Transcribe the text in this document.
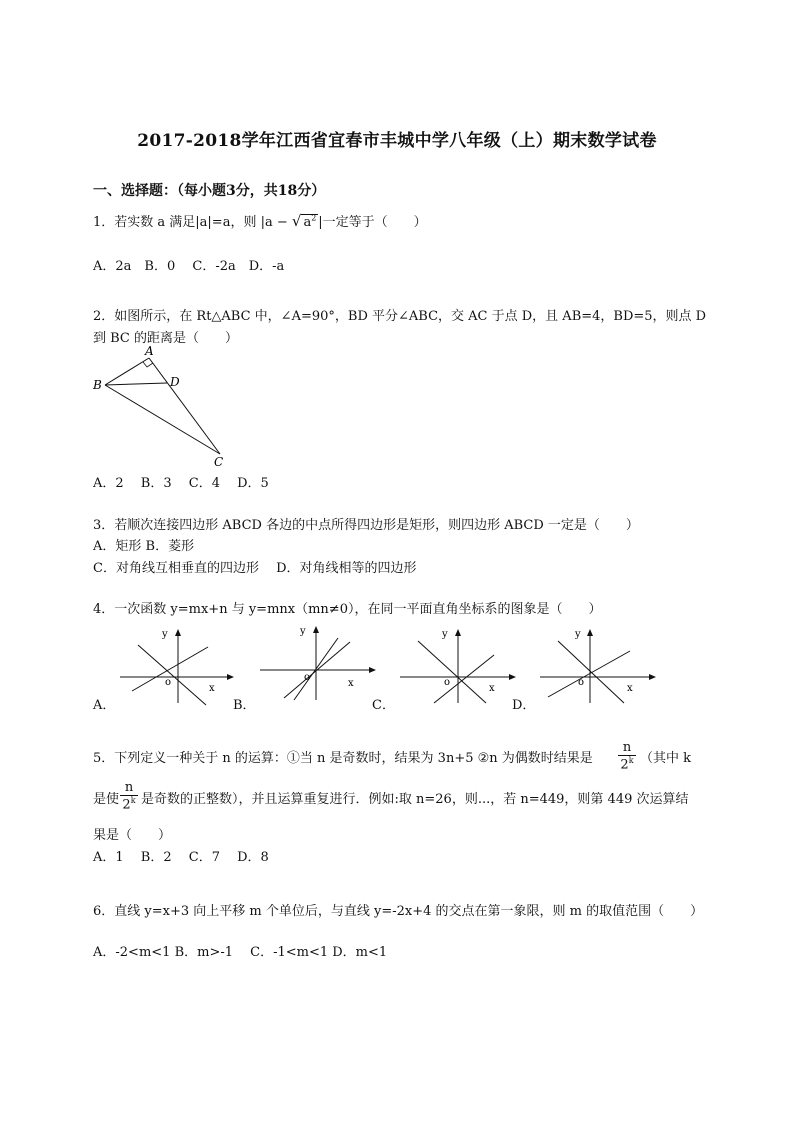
2017-2018学年江西省宜春市丰城中学八年级（上）期末数学试卷
一、选择题：（每小题3分，共18分）
1．若实数 a 满足|a|=a，则 |a − √ $a^2$ |一定等于（　　）
A．2a　B．0　 C．-2a　D．-a
2．如图所示，在 Rt△ABC 中，∠A=90°，BD 平分∠ABC，交 AC 于点 D，且 AB=4，BD=5，则点 D
到 BC 的距离是（　　）
A
B	D
C
A．2　 B．3　 C．4　 D．5
3．若顺次连接四边形 ABCD 各边的中点所得四边形是矩形，则四边形 ABCD 一定是（　　）
A．矩形 B．菱形
C．对角线互相垂直的四边形　 D．对角线相等的四边形
4．一次函数 y=mx+n 与 y=mnx（mn≠0），在同一平面直角坐标系的图象是（　　）
A．
y
x
o
B．
y
x
o
C．
y
x
o
D．
y
x
o
5．下列定义一种关于 n 的运算：①当 n 是奇数时，结果为 3n+5 ②n 为偶数时结果是
n
2$^k$ （其中 k
是使
n
2$^k$ 是奇数的正整数），并且运算重复进行．例如:取 n=26，则...，若 n=449，则第 449 次运算结
果是（　　）
A．1　 B．2　 C．7　 D．8
6．直线 y=x+3 向上平移 m 个单位后，与直线 y=-2x+4 的交点在第一象限，则 m 的取值范围（　　）
A．-2<m<1 B．m>-1　 C．-1<m<1 D．m<1
